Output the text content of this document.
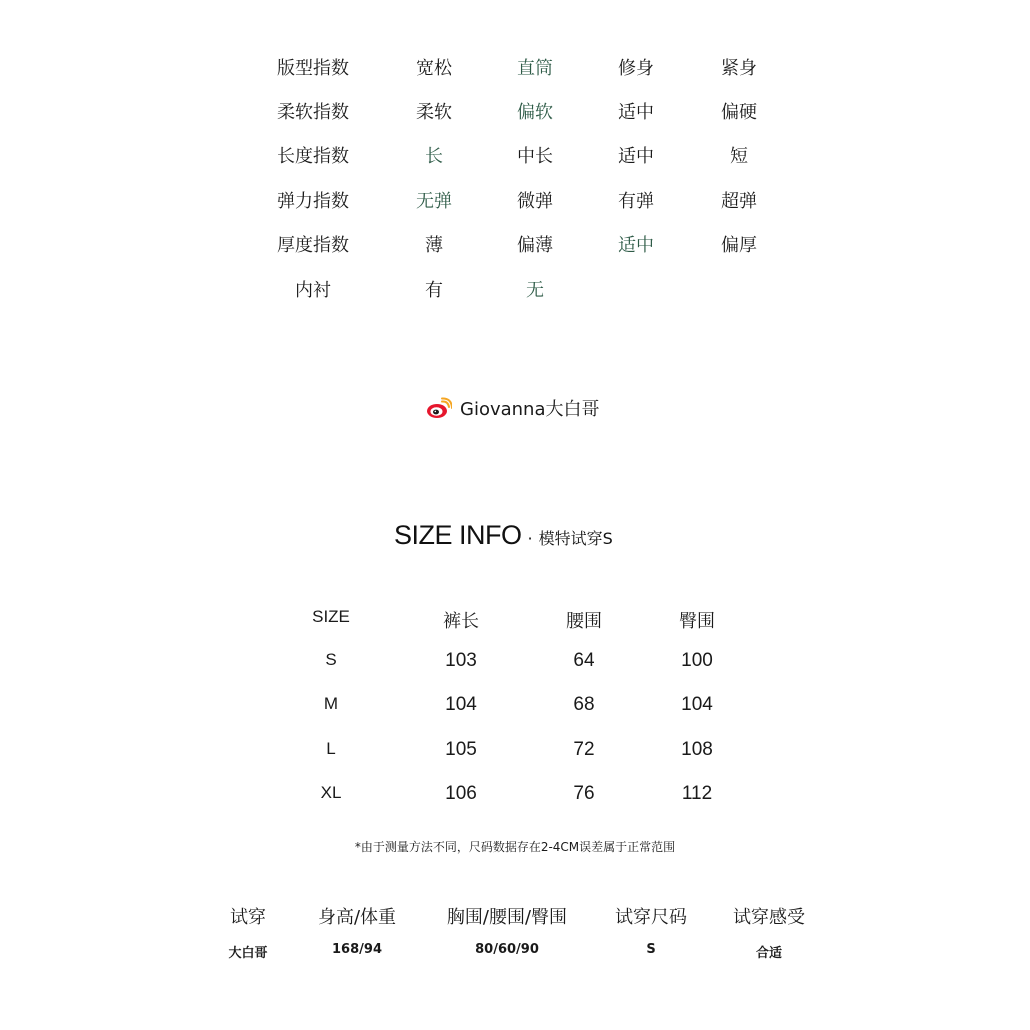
版型指数	宽松	直筒	修身	紧身
柔软指数	柔软	偏软	适中	偏硬
长度指数	长	中长	适中	短
弹力指数	无弹	微弹	有弹	超弹
厚度指数	薄	偏薄	适中	偏厚
内衬	有	无
Giovanna大白哥
SIZE INFO · 模特试穿S
SIZE	裤长	腰围	臀围
S	103	64	100
M	104	68	104
L	105	72	108
XL	106	76	112
*由于测量方法不同，尺码数据存在2-4CM误差属于正常范围
试穿	身高/体重	胸围/腰围/臀围	试穿尺码	试穿感受
大白哥	168/94	80/60/90	S	合适
